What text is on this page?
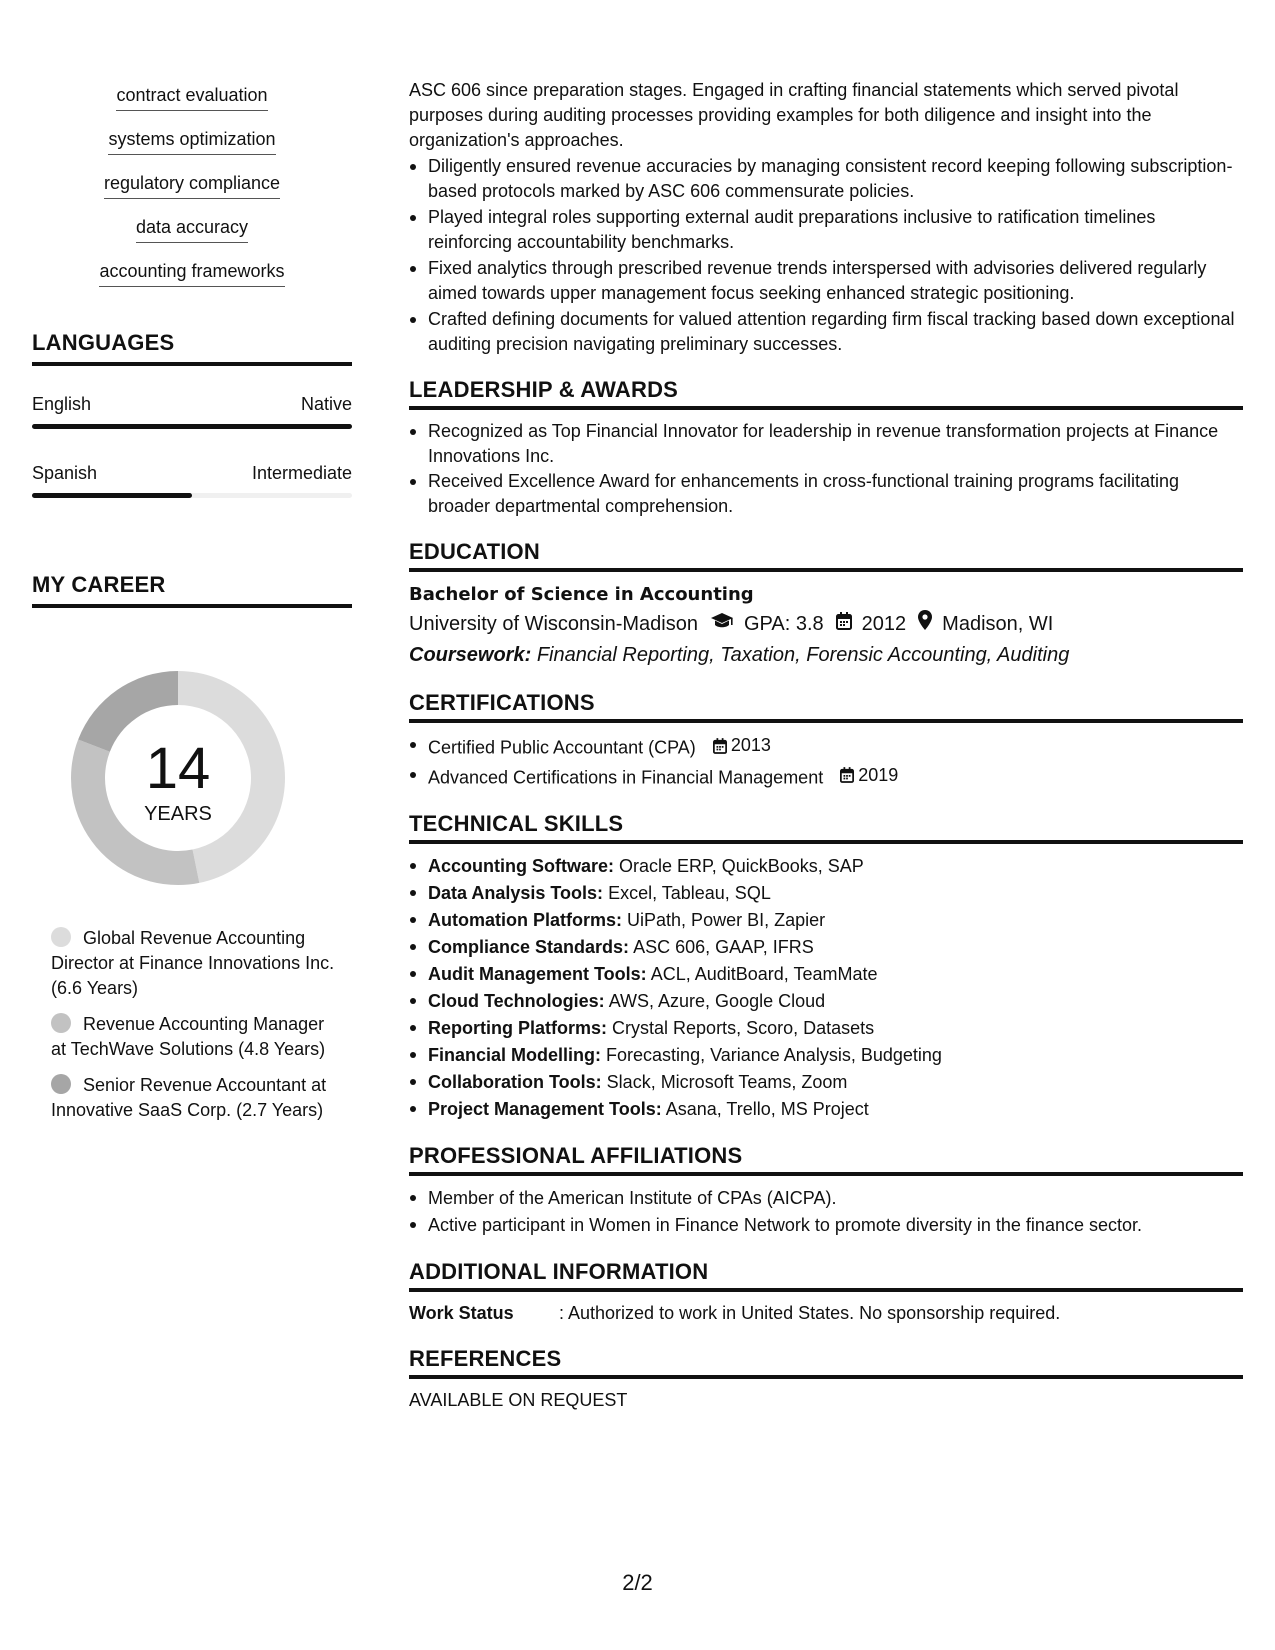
contract evaluation
systems optimization
regulatory compliance
data accuracy
accounting frameworks
LANGUAGES
English	Native
Spanish	Intermediate
MY CAREER
14
YEARS
Global Revenue Accounting Director at Finance Innovations Inc. (6.6 Years)
Revenue Accounting Manager at TechWave Solutions (4.8 Years)
Senior Revenue Accountant at Innovative SaaS Corp. (2.7 Years)

ASC 606 since preparation stages. Engaged in crafting financial statements which served pivotal purposes during auditing processes providing examples for both diligence and insight into the organization's approaches.

Diligently ensured revenue accuracies by managing consistent record keeping following subscription-based protocols marked by ASC 606 commensurate policies.
Played integral roles supporting external audit preparations inclusive to ratification timelines reinforcing accountability benchmarks.
Fixed analytics through prescribed revenue trends interspersed with advisories delivered regularly aimed towards upper management focus seeking enhanced strategic positioning.
Crafted defining documents for valued attention regarding firm fiscal tracking based down exceptional auditing precision navigating preliminary successes.
LEADERSHIP & AWARDS
Recognized as Top Financial Innovator for leadership in revenue transformation projects at Finance Innovations Inc.
Received Excellence Award for enhancements in cross-functional training programs facilitating broader departmental comprehension.
EDUCATION
Bachelor of Science in Accounting
University of Wisconsin-Madison GPA: 3.8 2012 Madison, WI
Coursework: Financial Reporting, Taxation, Forensic Accounting, Auditing
CERTIFICATIONS
Certified Public Accountant (CPA) 2013
Advanced Certifications in Financial Management 2019
TECHNICAL SKILLS
Accounting Software: Oracle ERP, QuickBooks, SAP
Data Analysis Tools: Excel, Tableau, SQL
Automation Platforms: UiPath, Power BI, Zapier
Compliance Standards: ASC 606, GAAP, IFRS
Audit Management Tools: ACL, AuditBoard, TeamMate
Cloud Technologies: AWS, Azure, Google Cloud
Reporting Platforms: Crystal Reports, Scoro, Datasets
Financial Modelling: Forecasting, Variance Analysis, Budgeting
Collaboration Tools: Slack, Microsoft Teams, Zoom
Project Management Tools: Asana, Trello, MS Project
PROFESSIONAL AFFILIATIONS
Member of the American Institute of CPAs (AICPA).
Active participant in Women in Finance Network to promote diversity in the finance sector.
ADDITIONAL INFORMATION
Work Status	: Authorized to work in United States. No sponsorship required.
REFERENCES
AVAILABLE ON REQUEST
2/2
